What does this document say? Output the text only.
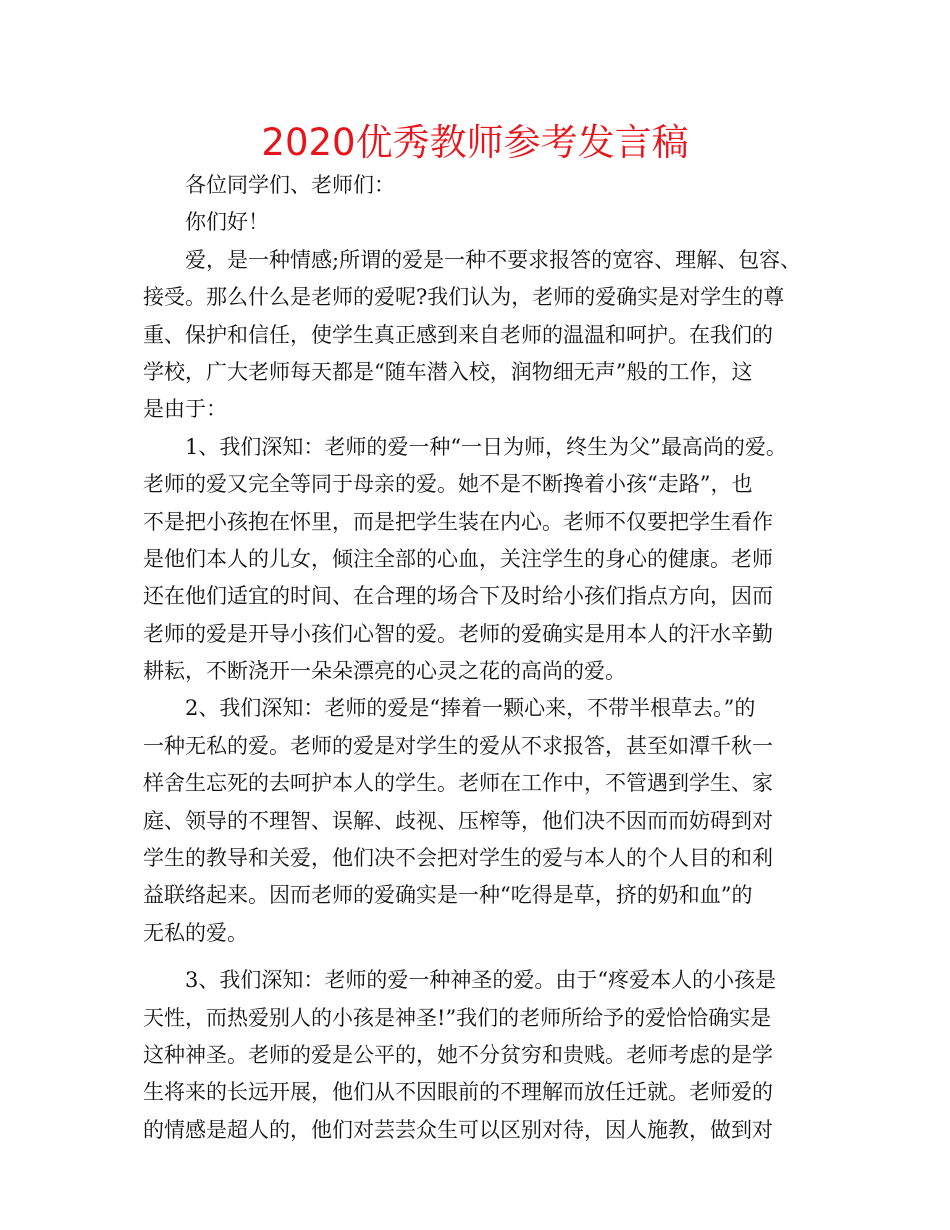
2020优秀教师参考发言稿
各位同学们、老师们：
你们好！
爱，是一种情感;所谓的爱是一种不要求报答的宽容、理解、包容、
接受。那么什么是老师的爱呢?我们认为，老师的爱确实是对学生的尊
重、保护和信任，使学生真正感到来自老师的温温和呵护。在我们的
学校，广大老师每天都是“随车潜入校，润物细无声”般的工作，这
是由于：
1、我们深知：老师的爱一种“一日为师，终生为父”最高尚的爱。
老师的爱又完全等同于母亲的爱。她不是不断搀着小孩“走路”，也
不是把小孩抱在怀里，而是把学生装在内心。老师不仅要把学生看作
是他们本人的儿女，倾注全部的心血，关注学生的身心的健康。老师
还在他们适宜的时间、在合理的场合下及时给小孩们指点方向，因而
老师的爱是开导小孩们心智的爱。老师的爱确实是用本人的汗水辛勤
耕耘，不断浇开一朵朵漂亮的心灵之花的高尚的爱。
2、我们深知：老师的爱是“捧着一颗心来，不带半根草去。”的
一种无私的爱。老师的爱是对学生的爱从不求报答，甚至如潭千秋一
样舍生忘死的去呵护本人的学生。老师在工作中，不管遇到学生、家
庭、领导的不理智、误解、歧视、压榨等，他们决不因而而妨碍到对
学生的教导和关爱，他们决不会把对学生的爱与本人的个人目的和利
益联络起来。因而老师的爱确实是一种“吃得是草，挤的奶和血”的
无私的爱。
3、我们深知：老师的爱一种神圣的爱。由于“疼爱本人的小孩是
天性，而热爱别人的小孩是神圣!”我们的老师所给予的爱恰恰确实是
这种神圣。老师的爱是公平的，她不分贫穷和贵贱。老师考虑的是学
生将来的长远开展，他们从不因眼前的不理解而放任迁就。老师爱的
的情感是超人的，他们对芸芸众生可以区别对待，因人施教，做到对
